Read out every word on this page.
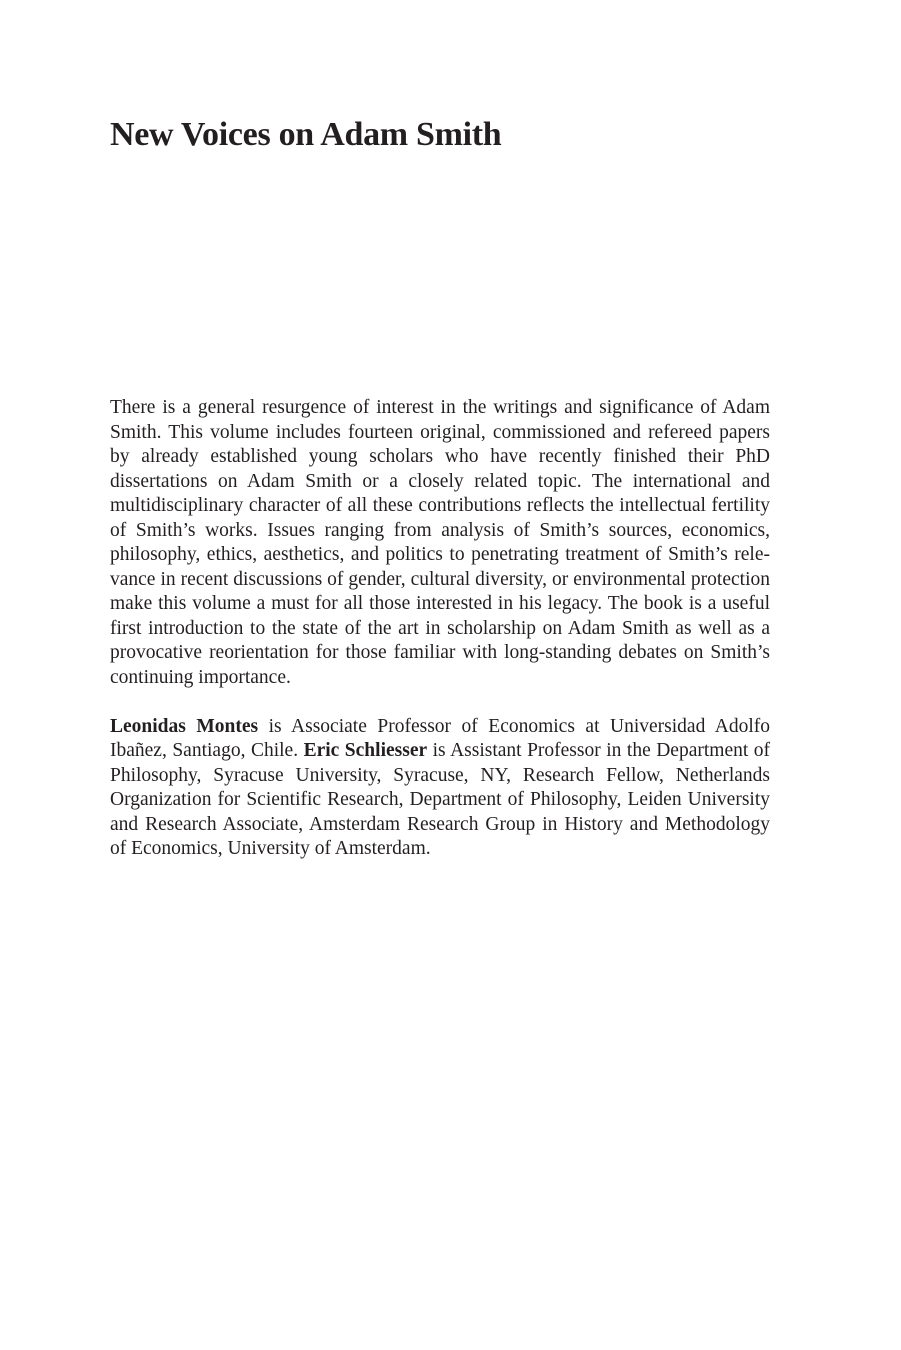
New Voices on Adam Smith

There is a general resurgence of interest in the writings and significance of Adam Smith. This volume includes fourteen original, commissioned and refereed papers by already established young scholars who have recently finished their PhD dissertations on Adam Smith or a closely related topic. The international and multidisciplinary character of all these contributions reflects the intellectual fertility of Smith’s works. Issues ranging from analysis of Smith’s sources, economics, philosophy, ethics, aesthetics, and politics to penetrating treatment of Smith’s relevance in recent discussions of gender, cultural diversity, or environmental protection make this volume a must for all those interested in his legacy. The book is a useful first introduction to the state of the art in scholarship on Adam Smith as well as a provocative reorientation for those familiar with long-standing debates on Smith’s continuing importance.

Leonidas Montes is Associate Professor of Economics at Universidad Adolfo Ibañez, Santiago, Chile. Eric Schliesser is Assistant Professor in the Department of Philosophy, Syracuse University, Syracuse, NY, Research Fellow, Netherlands Organization for Scientific Research, Department of Philosophy, Leiden University and Research Associate, Amsterdam Research Group in History and Methodology of Economics, University of Amsterdam.
